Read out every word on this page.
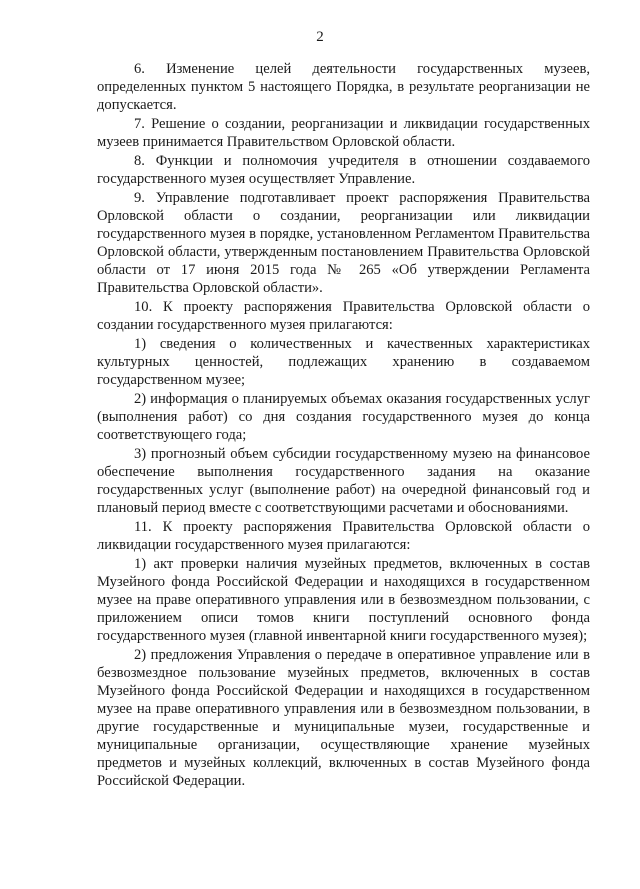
2

6. Изменение целей деятельности государственных музеев, определенных пунктом 5 настоящего Порядка, в результате реорганизации не допускается.

7. Решение о создании, реорганизации и ликвидации государственных музеев принимается Правительством Орловской области.

8. Функции и полномочия учредителя в отношении создаваемого государственного музея осуществляет Управление.

9. Управление подготавливает проект распоряжения Правительства Орловской области о создании, реорганизации или ликвидации государственного музея в порядке, установленном Регламентом Правительства Орловской области, утвержденным постановлением Правительства Орловской области от 17 июня 2015 года № 265 «Об утверждении Регламента Правительства Орловской области».

10. К проекту распоряжения Правительства Орловской области о создании государственного музея прилагаются:

1) сведения о количественных и качественных характеристиках культурных ценностей, подлежащих хранению в создаваемом государственном музее;

2) информация о планируемых объемах оказания государственных услуг (выполнения работ) со дня создания государственного музея до конца соответствующего года;

3) прогнозный объем субсидии государственному музею на финансовое обеспечение выполнения государственного задания на оказание государственных услуг (выполнение работ) на очередной финансовый год и плановый период вместе с соответствующими расчетами и обоснованиями.

11. К проекту распоряжения Правительства Орловской области о ликвидации государственного музея прилагаются:

1) акт проверки наличия музейных предметов, включенных в состав Музейного фонда Российской Федерации и находящихся в государственном музее на праве оперативного управления или в безвозмездном пользовании, с приложением описи томов книги поступлений основного фонда государственного музея (главной инвентарной книги государственного музея);

2) предложения Управления о передаче в оперативное управление или в безвозмездное пользование музейных предметов, включенных в состав Музейного фонда Российской Федерации и находящихся в государственном музее на праве оперативного управления или в безвозмездном пользовании, в другие государственные и муниципальные музеи, государственные и муниципальные организации, осуществляющие хранение музейных предметов и музейных коллекций, включенных в состав Музейного фонда Российской Федерации.
